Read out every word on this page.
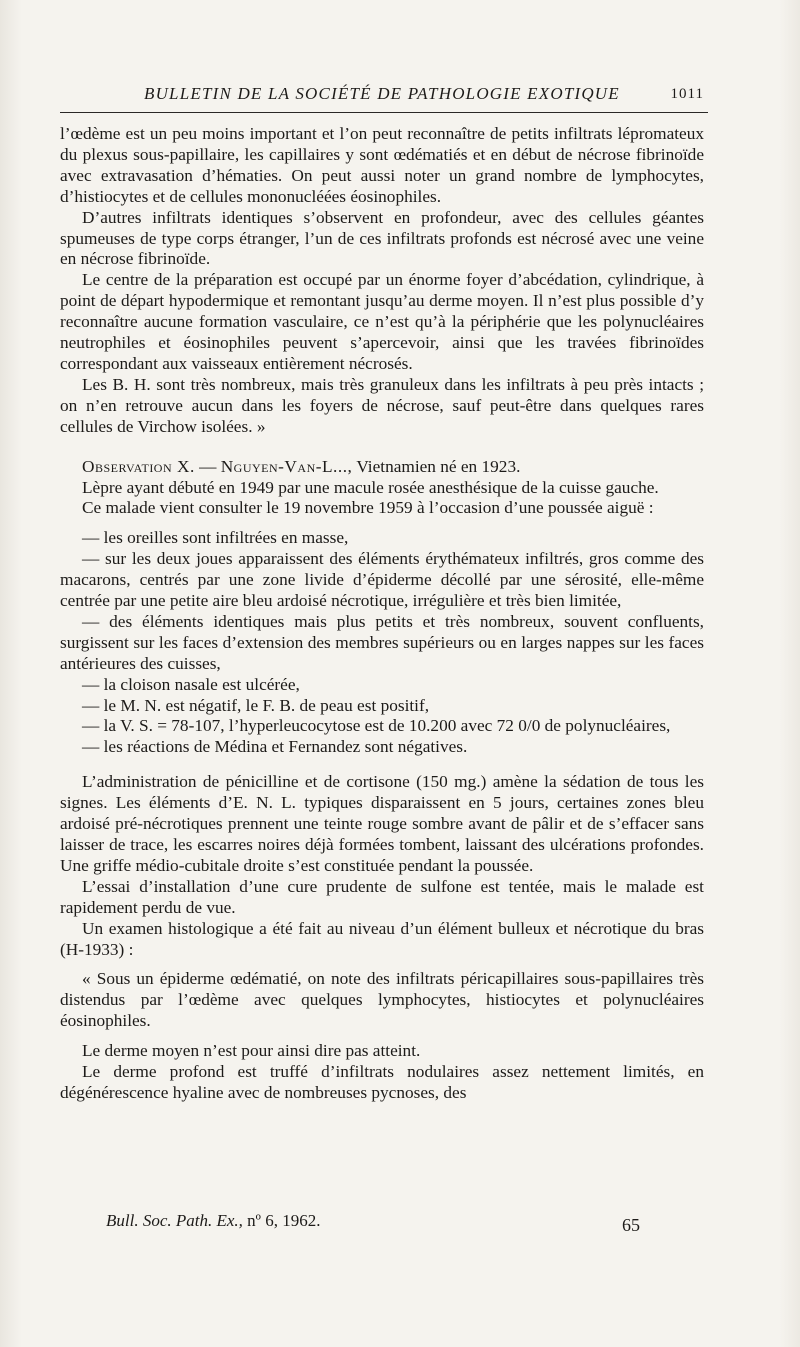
BULLETIN DE LA SOCIÉTÉ DE PATHOLOGIE EXOTIQUE	1011

l’œdème est un peu moins important et l’on peut reconnaître de petits infiltrats lépromateux du plexus sous-papillaire, les capillaires y sont œdématiés et en début de nécrose fibrinoïde avec extravasation d’hématies. On peut aussi noter un grand nombre de lymphocytes, d’histiocytes et de cellules mononucléées éosinophiles.

D’autres infiltrats identiques s’observent en profondeur, avec des cellules géantes spumeuses de type corps étranger, l’un de ces infiltrats profonds est nécrosé avec une veine en nécrose fibrinoïde.

Le centre de la préparation est occupé par un énorme foyer d’abcédation, cylindrique, à point de départ hypodermique et remontant jusqu’au derme moyen. Il n’est plus possible d’y reconnaître aucune formation vasculaire, ce n’est qu’à la périphérie que les polynucléaires neutrophiles et éosinophiles peuvent s’apercevoir, ainsi que les travées fibrinoïdes correspondant aux vaisseaux entièrement nécrosés.

Les B. H. sont très nombreux, mais très granuleux dans les infiltrats à peu près intacts ; on n’en retrouve aucun dans les foyers de nécrose, sauf peut-être dans quelques rares cellules de Virchow isolées. »

Observation X. — Nguyen-Van-L..., Vietnamien né en 1923.

Lèpre ayant débuté en 1949 par une macule rosée anesthésique de la cuisse gauche.

Ce malade vient consulter le 19 novembre 1959 à l’occasion d’une poussée aiguë :

— les oreilles sont infiltrées en masse,

— sur les deux joues apparaissent des éléments érythémateux infiltrés, gros comme des macarons, centrés par une zone livide d’épiderme décollé par une sérosité, elle-même centrée par une petite aire bleu ardoisé nécrotique, irrégulière et très bien limitée,

— des éléments identiques mais plus petits et très nombreux, souvent confluents, surgissent sur les faces d’extension des membres supérieurs ou en larges nappes sur les faces antérieures des cuisses,

— la cloison nasale est ulcérée,

— le M. N. est négatif, le F. B. de peau est positif,

— la V. S. = 78-107, l’hyperleucocytose est de 10.200 avec 72 0/0 de polynucléaires,

— les réactions de Médina et Fernandez sont négatives.

L’administration de pénicilline et de cortisone (150 mg.) amène la sédation de tous les signes. Les éléments d’E. N. L. typiques disparaissent en 5 jours, certaines zones bleu ardoisé pré-nécrotiques prennent une teinte rouge sombre avant de pâlir et de s’effacer sans laisser de trace, les escarres noires déjà formées tombent, laissant des ulcérations profondes. Une griffe médio-cubitale droite s’est constituée pendant la poussée.

L’essai d’installation d’une cure prudente de sulfone est tentée, mais le malade est rapidement perdu de vue.

Un examen histologique a été fait au niveau d’un élément bulleux et nécrotique du bras (H-1933) :

« Sous un épiderme œdématié, on note des infiltrats péricapillaires sous-papillaires très distendus par l’œdème avec quelques lymphocytes, histiocytes et polynucléaires éosinophiles.

Le derme moyen n’est pour ainsi dire pas atteint.

Le derme profond est truffé d’infiltrats nodulaires assez nettement limités, en dégénérescence hyaline avec de nombreuses pycnoses, des

Bull. Soc. Path. Ex., nº 6, 1962.	65
